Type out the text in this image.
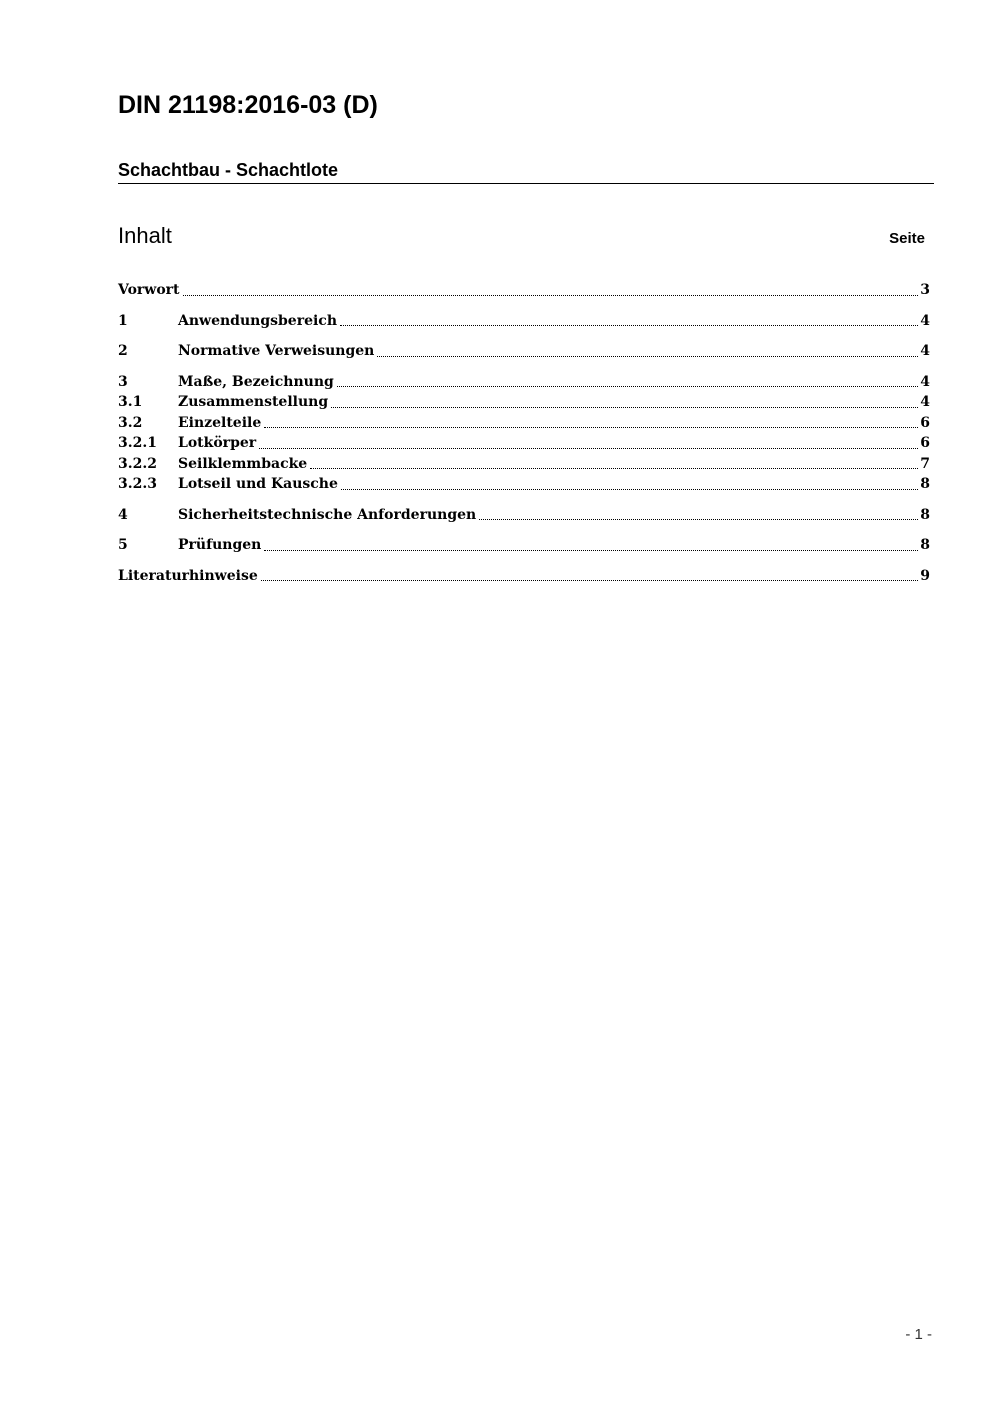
DIN 21198:2016-03 (D)
Schachtbau - Schachtlote
Inhalt	Seite
Vorwort	3
1	Anwendungsbereich	4
2	Normative Verweisungen	4
3	Maße, Bezeichnung	4
3.1	Zusammenstellung	4
3.2	Einzelteile	6
3.2.1	Lotkörper	6
3.2.2	Seilklemmbacke	7
3.2.3	Lotseil und Kausche	8
4	Sicherheitstechnische Anforderungen	8
5	Prüfungen	8
Literaturhinweise	9
- 1 -
